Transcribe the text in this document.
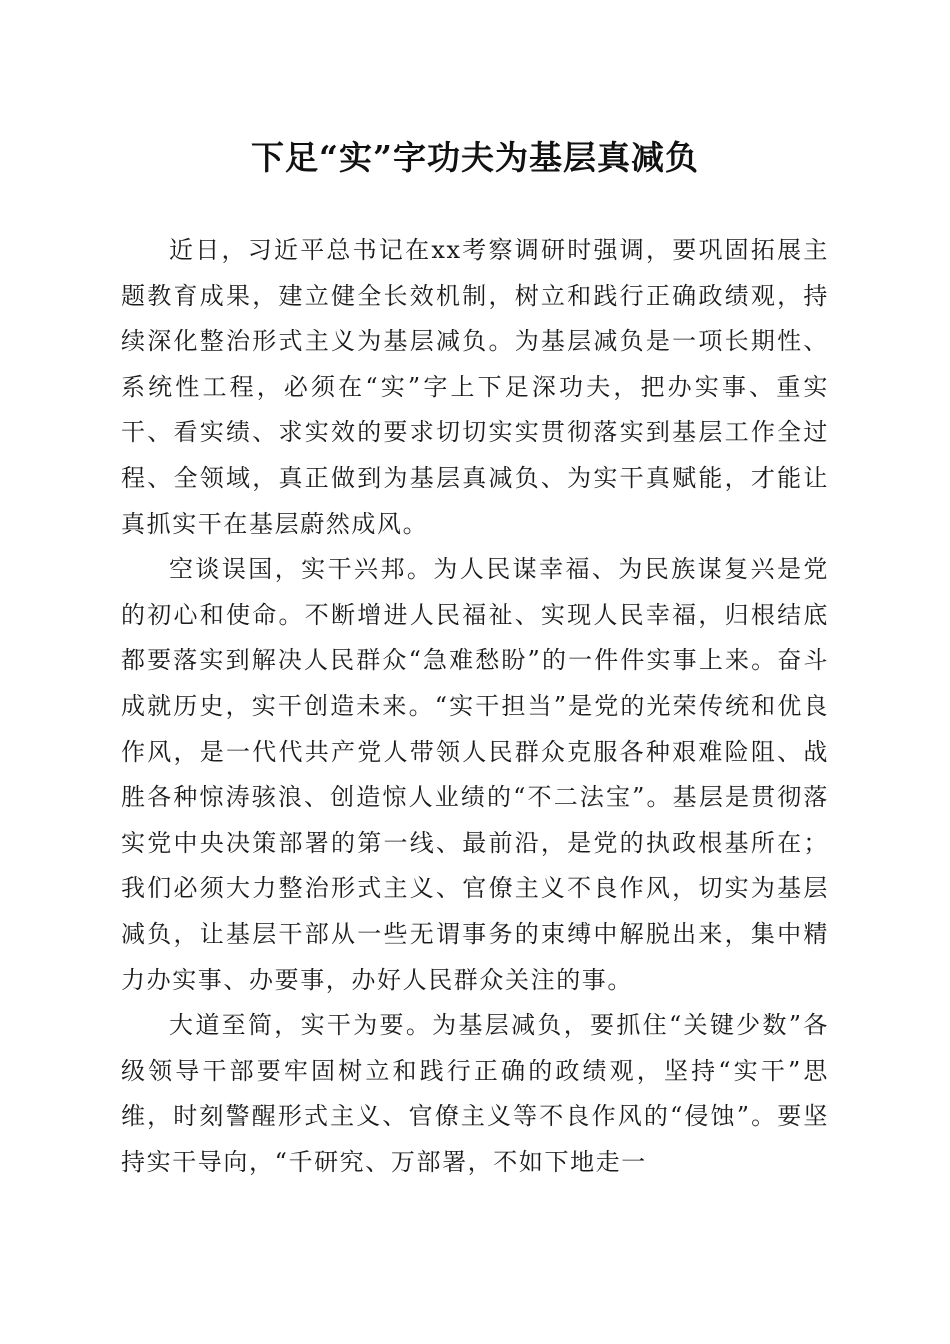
下足“实”字功夫为基层真减负

近日，习近平总书记在xx考察调研时强调，要巩固拓展主题教育成果，建立健全长效机制，树立和践行正确政绩观，持续深化整治形式主义为基层减负。为基层减负是一项长期性、系统性工程，必须在“实”字上下足深功夫，把办实事、重实干、看实绩、求实效的要求切切实实贯彻落实到基层工作全过程、全领域，真正做到为基层真减负、为实干真赋能，才能让真抓实干在基层蔚然成风。

空谈误国，实干兴邦。为人民谋幸福、为民族谋复兴是党的初心和使命。不断增进人民福祉、实现人民幸福，归根结底都要落实到解决人民群众“急难愁盼”的一件件实事上来。奋斗成就历史，实干创造未来。“实干担当”是党的光荣传统和优良作风，是一代代共产党人带领人民群众克服各种艰难险阻、战胜各种惊涛骇浪、创造惊人业绩的“不二法宝”。基层是贯彻落实党中央决策部署的第一线、最前沿，是党的执政根基所在；我们必须大力整治形式主义、官僚主义不良作风，切实为基层减负，让基层干部从一些无谓事务的束缚中解脱出来，集中精力办实事、办要事，办好人民群众关注的事。

大道至简，实干为要。为基层减负，要抓住“关键少数”各级领导干部要牢固树立和践行正确的政绩观，坚持“实干”思维，时刻警醒形式主义、官僚主义等不良作风的“侵蚀”。要坚持实干导向，“千研究、万部署，不如下地走一
